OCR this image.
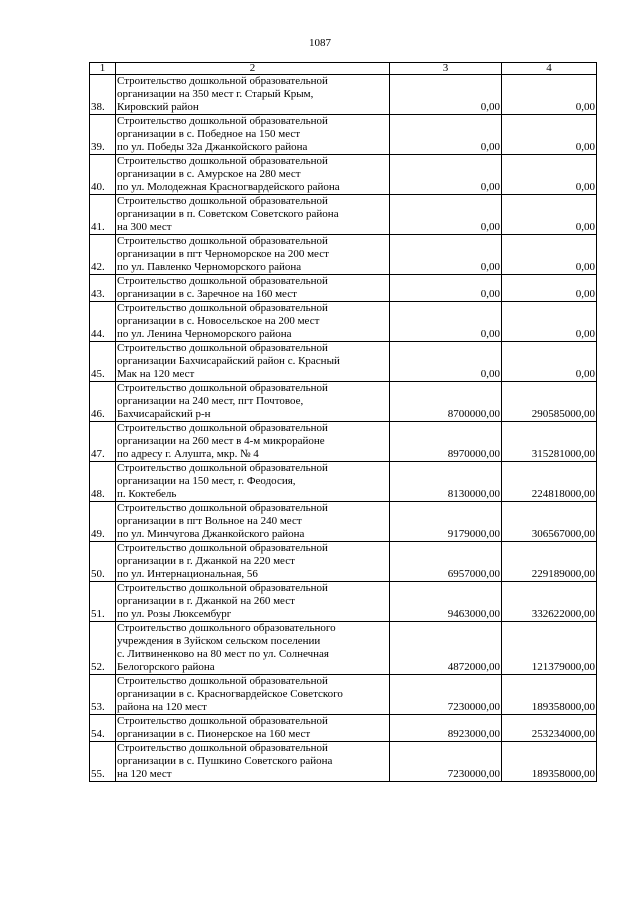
1087
1	2	3	4
38.	Строительство дошкольной образовательной
организации на 350 мест г. Старый Крым,
Кировский район	0,00	0,00
39.	Строительство дошкольной образовательной
организации в с. Победное на 150 мест
по ул. Победы 32а Джанкойского района	0,00	0,00
40.	Строительство дошкольной образовательной
организации в с. Амурское на 280 мест
по ул. Молодежная Красногвардейского района	0,00	0,00
41.	Строительство дошкольной образовательной
организации в п. Советском Советского района
на 300 мест	0,00	0,00
42.	Строительство дошкольной образовательной
организации в пгт Черноморское на 200 мест
по ул. Павленко Черноморского района	0,00	0,00
43.	Строительство дошкольной образовательной
организации в с. Заречное на 160 мест	0,00	0,00
44.	Строительство дошкольной образовательной
организации в с. Новосельское на 200 мест
по ул. Ленина Черноморского района	0,00	0,00
45.	Строительство дошкольной образовательной
организации Бахчисарайский район с. Красный
Мак на 120 мест	0,00	0,00
46.	Строительство дошкольной образовательной
организации на 240 мест, пгт Почтовое,
Бахчисарайский р-н	8700000,00	290585000,00
47.	Строительство дошкольной образовательной
организации на 260 мест в 4-м микрорайоне
по адресу г. Алушта, мкр. № 4	8970000,00	315281000,00
48.	Строительство дошкольной образовательной
организации на 150 мест, г. Феодосия,
п. Коктебель	8130000,00	224818000,00
49.	Строительство дошкольной образовательной
организации в пгт Вольное на 240 мест
по ул. Минчугова Джанкойского района	9179000,00	306567000,00
50.	Строительство дошкольной образовательной
организации в г. Джанкой на 220 мест
по ул. Интернациональная, 56	6957000,00	229189000,00
51.	Строительство дошкольной образовательной
организации в г. Джанкой на 260 мест
по ул. Розы Люксембург	9463000,00	332622000,00
52.	Строительство дошкольного образовательного
учреждения в Зуйском сельском поселении
с. Литвиненково на 80 мест по ул. Солнечная
Белогорского района	4872000,00	121379000,00
53.	Строительство дошкольной образовательной
организации в с. Красногвардейское Советского
района на 120 мест	7230000,00	189358000,00
54.	Строительство дошкольной образовательной
организации в с. Пионерское на 160 мест	8923000,00	253234000,00
55.	Строительство дошкольной образовательной
организации в с. Пушкино Советского района
на 120 мест	7230000,00	189358000,00
